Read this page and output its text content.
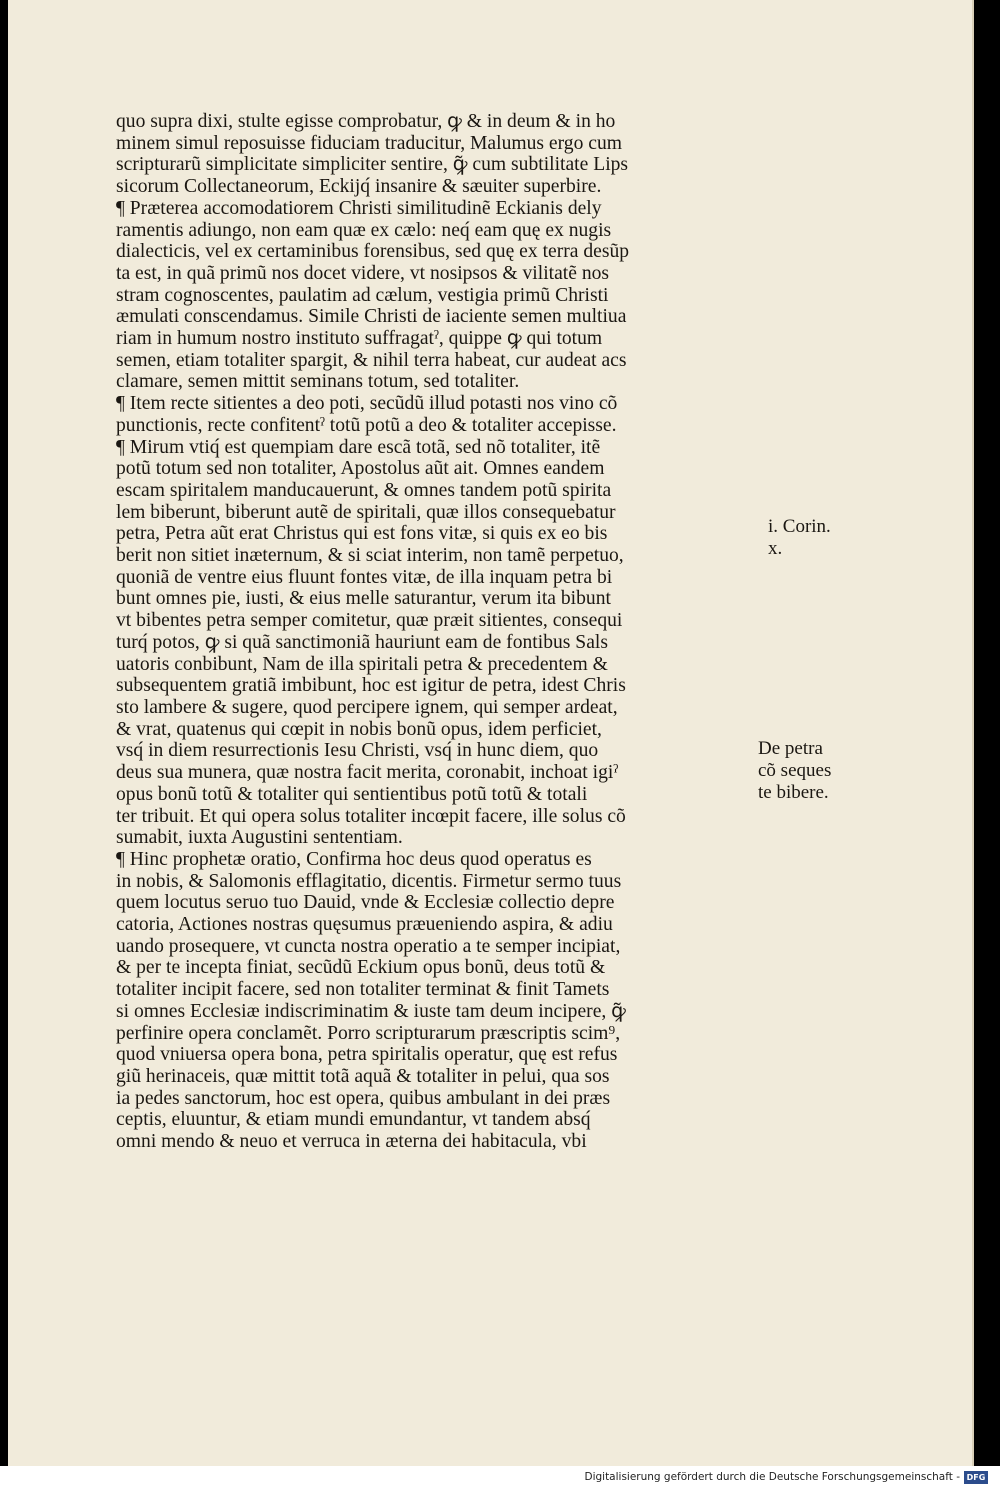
quo supra dixi, stulte egisse comprobatur, ꝙ & in deum & in ho
minem simul reposuisse fiduciam traducitur, Malumus ergo cum
scripturarũ simplicitate simpliciter sentire, ꝙ̃ cum subtilitate Lips
sicorum Collectaneorum, Eckijq́ insanire & sæuiter superbire.
¶ Præterea accomodatiorem Christi similitudinẽ Eckianis dely
ramentis adiungo, non eam quæ ex cælo: neq́ eam quę ex nugis
dialecticis, vel ex certaminibus forensibus, sed quę ex terra desũp
ta est, in quã primũ nos docet videre, vt nosipsos & vilitatẽ nos
stram cognoscentes, paulatim ad cælum, vestigia primũ Christi
æmulati conscendamus. Simile Christi de iaciente semen multiua
riam in humum nostro instituto suffragatˀ, quippe ꝙ qui totum
semen, etiam totaliter spargit, & nihil terra habeat, cur audeat acs
clamare, semen mittit seminans totum, sed totaliter.
¶ Item recte sitientes a deo poti, secũdũ illud potasti nos vino cõ
punctionis, recte confitentˀ totũ potũ a deo & totaliter accepisse.
¶ Mirum vtiq́ est quempiam dare escã totã, sed nõ totaliter, itẽ
potũ totum sed non totaliter, Apostolus aũt ait. Omnes eandem
escam spiritalem manducauerunt, & omnes tandem potũ spirita
lem biberunt, biberunt autẽ de spiritali, quæ illos consequebatur
petra, Petra aũt erat Christus qui est fons vitæ, si quis ex eo bis
berit non sitiet inæternum, & si sciat interim, non tamẽ perpetuo,
quoniã de ventre eius fluunt fontes vitæ, de illa inquam petra bi
bunt omnes pie, iusti, & eius melle saturantur, verum ita bibunt
vt bibentes petra semper comitetur, quæ præit sitientes, consequi
turq́ potos, ꝙ si quã sanctimoniã hauriunt eam de fontibus Sals
uatoris conbibunt, Nam de illa spiritali petra & precedentem &
subsequentem gratiã imbibunt, hoc est igitur de petra, idest Chris
sto lambere & sugere, quod percipere ignem, qui semper ardeat,
& vrat, quatenus qui cœpit in nobis bonũ opus, idem perficiet,
vsq́ in diem resurrectionis Iesu Christi, vsq́ in hunc diem, quo
deus sua munera, quæ nostra facit merita, coronabit, inchoat igiˀ
opus bonũ totũ & totaliter qui sentientibus potũ totũ & totali
ter tribuit. Et qui opera solus totaliter incœpit facere, ille solus cõ
sumabit, iuxta Augustini sententiam.
¶ Hinc prophetæ oratio, Confirma hoc deus quod operatus es
in nobis, & Salomonis efflagitatio, dicentis. Firmetur sermo tuus
quem locutus seruo tuo Dauid, vnde & Ecclesiæ collectio depre
catoria, Actiones nostras quęsumus præueniendo aspira, & adiu
uando prosequere, vt cuncta nostra operatio a te semper incipiat,
& per te incepta finiat, secũdũ Eckium opus bonũ, deus totũ &
totaliter incipit facere, sed non totaliter terminat & finit Tamets
si omnes Ecclesiæ indiscriminatim & iuste tam deum incipere, ꝙ̃
perfinire opera conclamẽt. Porro scripturarum præscriptis scim⁹,
quod vniuersa opera bona, petra spiritalis operatur, quę est refus
giũ herinaceis, quæ mittit totã aquã & totaliter in pelui, qua sos
ia pedes sanctorum, hoc est opera, quibus ambulant in dei præs
ceptis, eluuntur, & etiam mundi emundantur, vt tandem absq́
omni mendo & neuo et verruca in æterna dei habitacula, vbi
i. Corin.
x.
De petra
cõ seques
te bibere.
Digitalisierung gefördert durch die Deutsche Forschungsgemeinschaft - DFG
